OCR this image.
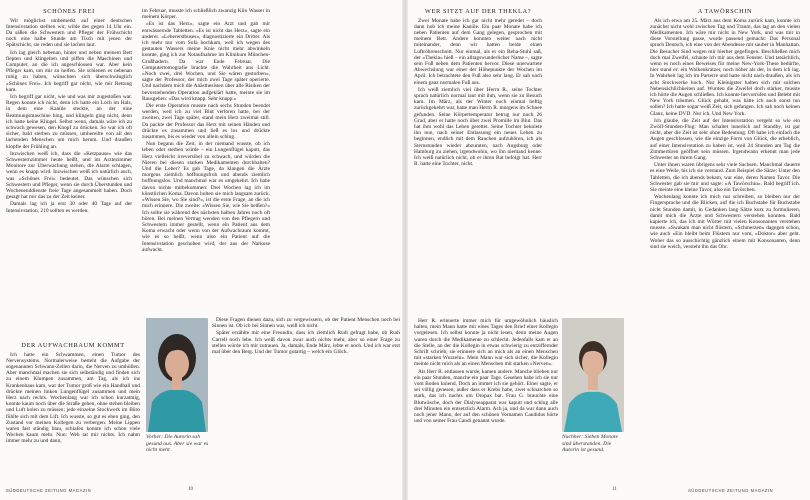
SCHÖNES FREI

Wir möglichst umbemerkt auf einer deutschen Intensivstation stellten wir, wilde des gegen 14 Uhr ein. Da säßen die Schwestern und Pfleger der Frühschicht noch eine halbe Stunde am Tisch mit jenen der Spätschicht, sie reden und sie lachen laut.

Ich lag gleich nebenan, hinter und neben meinem Bett fiepten und klingelten und piffen die Maschinen und Computer, an die ich angeschlossen war. Aber kein Pfleger kam, um mir zu helfen. Sie schienen es nebenan ruhig zu haben, wünschten sich überschwänglich »Schönes Frei«. Ich begriff gar nicht, wie mir Rettung kam.

Ich begriff gar nicht, wie und was mir zugestoßen war. Regen konnte ich nicht, denn ich hatte ein Loch im Hals, in dem eine Kanüle steckte, an der eine Beatmungsmaschine hing, und klingeln ging nicht, denn ich hatte keine Klingel. Selbst wenn, damals wäre ich zu schwach gewesen, den Knopf zu drücken. So war ich oft sicher, bald sterben zu müssen, umhereilte von all den lachenden Menschen um mich herum. Und draußen klopfte der Frühling an.

Inzwischen weiß ich, dass die »Ketzpause« wie das Schwesternzimmer heute heißt, und im Arztezimmer Monitore zur Überwachung stehen, die Alarm schlagen, wenn es knapp wird. Inzwischen weiß ich natürlich auch, was »Schönes Frei« bedeutet. Das wünschen sich Schwestern und Pfleger, wenn sie durch Überstunden und Wochenenddienste freie Tage angesammelt haben. Doch gesagt hat mir das zu der Zeit keiner.

Damals lag ich ja erst 30 oder 40 Tage auf der Intensivstation, 210 sollten es werden.

DER AUFWACHRAUM KOMMT

Ich hatte ein Schwammen, einen Tumor des Nervensystems. Normalerweise besteht die Aufgabe der sogenannten Schwann-Zellen darin, die Nerven zu umhüllen. Aber manchmal machen sie sich selbständig und finden sich zu einem Klumpen zusammen, am Tag, als ich ins Krankenhaus kam, war der Tumor groß wie ein Handball und drückte meinen linken Lungenflügel zusammen und mein Herz nach rechts. Wochenlang war ich schon kurzatmig, konnte kaum noch über die Straße gehen, ohne stehen bleiben und Luft holen zu müssen; jede einzelne Stockwerk im Büro fühlte sich mit dem Lift. Ich wusste, so gut es eben ging, den Zustand vor meinen Kollegen zu verbergen. Meine Lippen waren fast ständig blau, schlafen konnte ich schon viele Wochen kaum mehr. Nun: Weh tat mir nichts. Ich nahm immer mehr zu und dann,

im Februar, musste ich schließlich zwanzig Kilo Wasser in meinem Körper.

»Es ist das Herz«, sagte ein Arzt und gab mir entwässernde Tabletten. »Es ist nicht das Herz«, sagte ein anderer. »Lebererstbuses«, diagnostizierte ein Dritter. Als ich mehr nur vom Sofa hochkam, weil ich wegen des gestauten Wassers meine Knie nicht mehr abwinkeln konnte, ging ich zur Notaufnahme im Klinikum München-Großhadern. Da war Ende Februar. Die Computertomografie brachte die Wahrheit ans Licht. »Noch zwei, drei Wochen, und Sie wären gestorben«, sagte der Professor, der mich zwei Tage später operierte. Und nachdem mich die Anästhesisten über alle Risiken der bevorstehenden Operation aufgeklärt hatte, meinte sie im Rausgehen: »Das wird knapp. Sehr knapp.«

Die erste Operation musste nach sechs Stunden beendet werden, weil ich zu viel Blut verloren hatte, bei der zweiten, zwei Tage später, stand mein Herz zweimal still. Da packte der Professor das Herz mit seinen Händen und drückte es zusammen und ließ es los und drückte zusammen, bis es wieder von allein schlug.

Nun begann die Zeit, in der niemand wusste, ob ich leben oder sterben würde – ein Lungenflügel kaputt, das Herz vielleicht irreversibel zu schwach, und würden die Nieren bei diesen starken Medikamenten durchhalten? Und die Leber? Es gab Tage, da klangen die Ärzte morgens ziemlich hoffnungsfroh und abends ziemlich hoffnungslos. Und manchmal war es umgekehrt. Ich habe davon nichts mitbekommen: Drei Wochen lag ich im künstlichen Koma. Davon holten sie mich langsam zurück. »Wissen Sie, wo Sie sind?«, ist die erste Frage, an die ich mich erinnere. Die zweite: »Wissen Sie, wie Sie heißen?« Ich sollte sie während des nächsten halben Jahres noch oft hören. Bei meinen Vertrag wenden von den Pflegern und Schwestern immer gestellt, wenn ein Patient aus dem Koma erwacht oder wenn von der Aufwachraum kommt, wie es so heißt, wenn also ein Patient auf die Intensivstation geschoben wird, der aus der Narkose aufwacht.

Diese Fragen dienen dazu, sich zu vergewissern, ob der Patient Menschen noch bei Sinnen ist. Ob ich bei Sinnen war, weiß ich nicht.

Später erzählte mir eine Freundin, dass ich ziemlich Rudi gefragt habe, ob Rudi Carrell noch lebe. Ich weiß davon zwar auch nichts mehr, aber so einer Frage zu stellen würde ich mir zutrauen. Ja, damals, Ende März, lebte er noch. Und ich war erst mal über den Berg. Und der Tumor gutartig – welch ein Glück.

Vorher: Die Autorin sah gesund aus. Aber sie war es nicht mehr.
WER SITZT AUF DER THEKLA?

Zwei Monate habe ich gar nicht mehr geredet – doch dann hob ich meine Kanüle. Ein paar Monate habe ich neben Patienten auf dem Gang gelegen, gesprochen mit meinem Bett. Andere konnten weiter nach nicht miteinander, denn wir hatten beide einen Luftröhrenschnitt. Nur einmal, als er ein Reha-Stuhl saß, der »Thekla« hieß – ein alltagswunderlicher Name –, sagte sein Fuß neben dem Patienten hervor. Diese unerwartete Abwechslung war einer der Höhepunkte der Wochen im April. Ich betrachtete den Fuß also sehr lang. Er sah nach einem ganz normalen Fuß aus.

Ich weiß ziemlich viel über Herrn R., seine Tochter sprach natürlich normal laut mit ihm, wenn sie zu Besuch kam. Im März, als der Winter noch einmal heftig zurückgekehrt war, hatte man Herrn R. morgens im Schnee gefunden. Seine Körpertemperatur betrug nur noch 26 Grad, aber er hatte noch über zwei Promille im Blut. Das hat ihm wohl das Leben gerettet. Seine Tochter bekniete ihn nun, nach seiner Entlassung ein neues Leben zu beginnen, endlich mit dem Rauchen aufzuhören, ich als Sternstunden wieder abzuraten, nach Augsburg oder Hamburg zu ziehen, irgendwohin, wo ihn niemand kenne. Ich weiß natürlich nicht, ob er ihren Rat befolgt hat. Herr R. hatte eine Tochter, nicht.

Nachher: Sieben Monate sind überstanden. Die Autorin ist gesund.

Herr R. erinnerte immer mich für umgewöhnlich häuslich halten, mein Mann hatte mir eines Tages den Brief einer Kollegin vorgelesen. Ich selbst konnte ja nicht lesen, denn meine Augen waren durch die Medikamente zu schlecht. Jedenfalls kam er an die Stelle, an der die Kollegin in etwas schwierig zu entziffernder Schrift schrieb, sie erinnere sich an mich als an einen Menschen mit »starken Wurzeln«. Mein Mann war sich sicher, die Kollegin meinte nicht mich als an einen Menschen mit starken »Nerven«.

Als Herr R. entlassen wurde, kamen andere. Manche blieben nur ein paar Stunden, manche ein paar Tage. Gesehen habe ich sie nur vom Boden kniend, Doch an immer ich sie gehört. Einer sagte, er sei völlig genesen, außer dass er Krebs habe, zwei schnarchen so stark, das ich nachts um Oropax bat. Frau G. brauchte eine Blutwäsche, doch der Dialyseapparat war kaputt und schlug alle drei Minuten ein entsetzlich Alarm. Ach ja, und da war dann auch noch jener Mann, der auf den schönen Vornamen Candidus hörte und von seiner Frau Candi genannt wurde.

A TAWÖRSCHIN

Als ich etwa am 25. März aus dem Koma zurück kam, konnte ich zunächst nicht wohl zwischen Tag und Traum, das lag an den vielen Medikamenten. Ich wäre mir nicht in New York, und was mir in diese Vorstellung passe, wurde passend gemacht: Das Personal sprach Deutsch, ich eine von der Abendesse mit sauber in Manhattan. Die Besucher Sind wegen mir hierher gegeflogen. Beschließen mich doch mal Zweifel, schaute ich mir aus dem Fenster. Und tatsächlich, wenn es noch eines Beweises für meine New-York-These bedürfte, hier stand er: ein Wolkenkratzer, noch höher als der, in dem ich lag. In Wahrheit lag ich im Parterre und hatte nicht nach draußen, als ich acht Stockwerke hoch. Nur Kleinigster halten sich mit solchen Nebensächlichkeiten auf. Wurden die Zweifel doch stärker, musste ich hörte die Augen schließen. Ich konnte hervorrufen und Belebt mit New York träumen. Glück gehabt, was hätte ich auch sonst tun sollen? Ich hatte sogar weiß Zeit, sich gefangen. Ich sah noch keinen Glanz, keine DVD. Nur ich. Und New York.

Ich glaube, die Zeit auf der Intensivstation vergeht so wie ein Zwölf-Stunden-Flug: Man schaltet innerlich auf Standby, ist gar nicht, aber die Zeit ist sehr ohne Bedeutung. Oft habe ich einfach die Augen geschlossen, wie die einzige Form von Glück, die erheblich, auf einer Intensivstation zu haben ist, weil 24 Stunden am Tag die Zimmertüren geöffnet sein müssen. Irgendwann erkennt man jede Schwester an ihrem Gang.

Unter ihnen waren übrigens sehr viele Sachsen. Manchmal dauerte es eine Weile, bis ich sie verstand. Zum Beispiel die Sätze: Unter den Tabletten, die ich abends bekam, war eine, deren Namen Tavor. Die Schwester gab sie mir und sagte: »A Tawörschin«. Bald begriff ich. Sie meinte eine kleine Tavor, also ein Tavörchen.

Wochenlang konnte ich mich nur schreiben, so bleiben nur der Fingersprache und die Blicken, auf die ich Buchstabe für Buchstabe nicht Stunden damit, in Gedanken lang Sätze kurz zu formulieren, damit mich die Ärzte und Schwestern verstehen konnten. Bald kapierte ich, das ich mit Wörter mit vielen Konsonanten verstehen musste. »Swakam man nicht flüstern, »Schmerzen« dagegen schon, wie auch »Ein bleibt beim Flüstern nur vom, »Doktor« aber geht. Woher das so ausschichtig gänzlich einem mit Konsonanten, denn sind sie weich, versteht ihn das Ohr.

SÜDDEUTSCHE ZEITUNG MAGAZIN	10	11	SÜDDEUTSCHE ZEITUNG MAGAZIN
